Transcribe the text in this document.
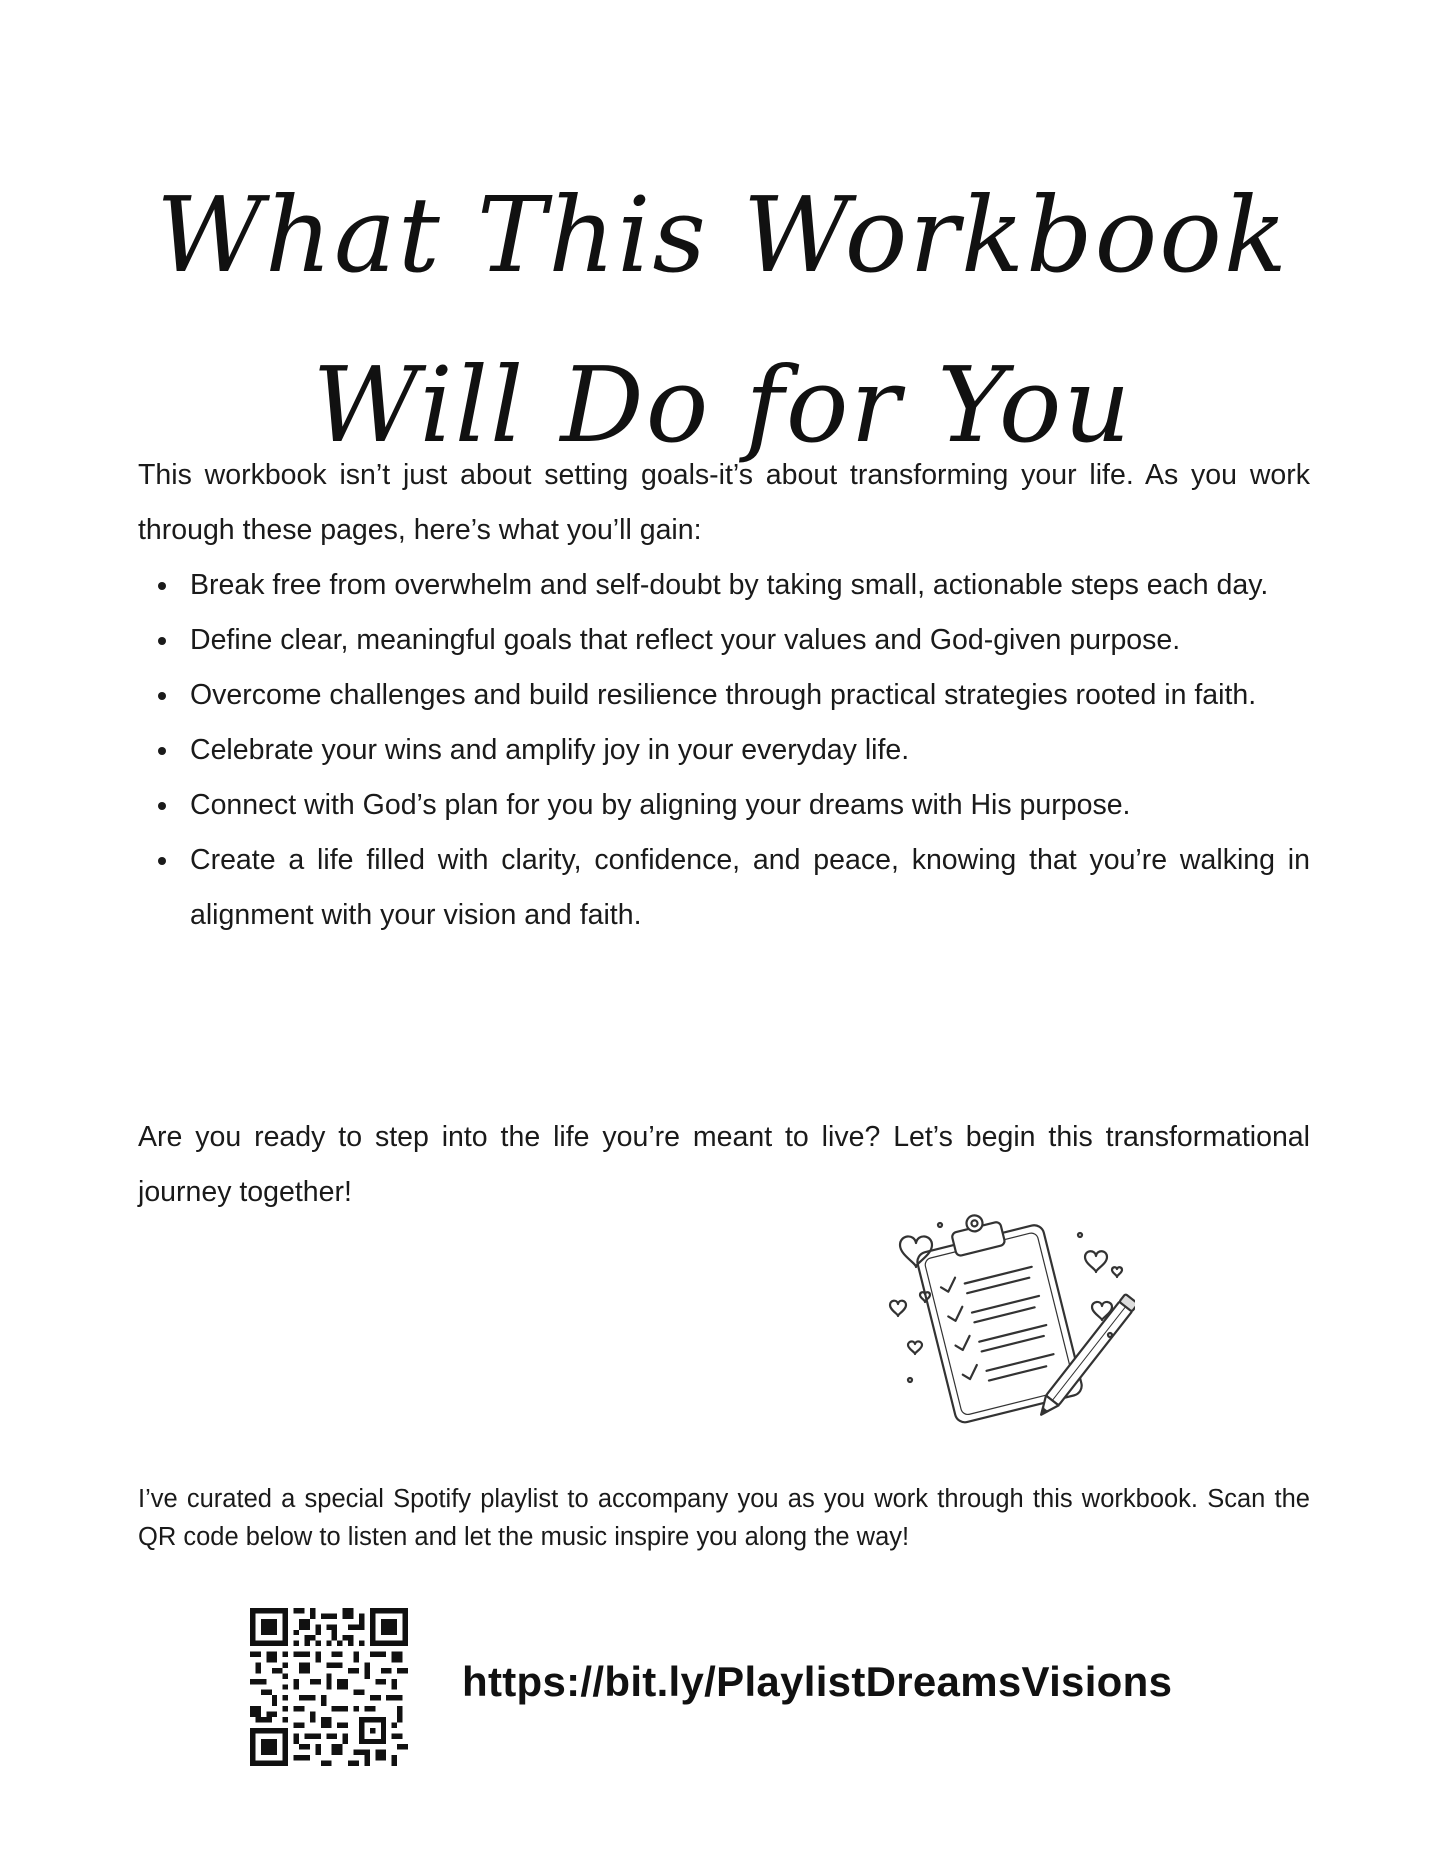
What This Workbook
Will Do for You

This workbook isn’t just about setting goals-it’s about transforming your life. As you work through these pages, here’s what you’ll gain:

Break free from overwhelm and self-doubt by taking small, actionable steps each day.
Define clear, meaningful goals that reflect your values and God-given purpose.
Overcome challenges and build resilience through practical strategies rooted in faith.
Celebrate your wins and amplify joy in your everyday life.
Connect with God’s plan for you by aligning your dreams with His purpose.
Create a life filled with clarity, confidence, and peace, knowing that you’re walking in alignment with your vision and faith.

Are you ready to step into the life you’re meant to live? Let’s begin this transformational journey together!

I’ve curated a special Spotify playlist to accompany you as you work through this workbook. Scan the QR code below to listen and let the music inspire you along the way!

https://bit.ly/PlaylistDreamsVisions
